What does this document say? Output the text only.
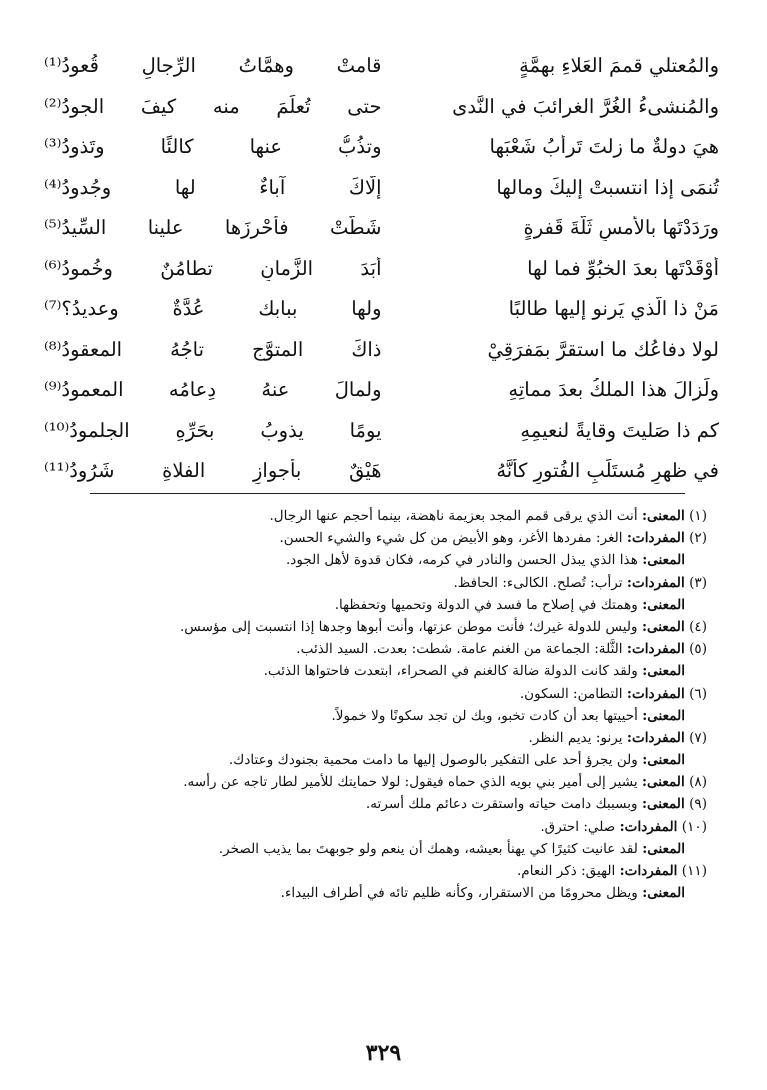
والمُعتلي قممَ العَلاءِ بهمَّةٍ
قامتْ وهمَّاتُ الرِّجالِ قُعودُ⁽¹⁾
والمُنشىءُ الغُرَّ الغرائبَ في النَّدى
حتى تُعلِّمَ منه كيفَ الجودُ⁽²⁾
هيَ دولةٌ ما زلتَ تَرأبُ شَعْبَها
وتذُبُّ عنها كالئًا وتَذودُ⁽³⁾
تُنمَى إذا انتسبتْ إليكَ ومالها
إلّاكَ آباءٌ لها وجُدودُ⁽⁴⁾
ورَدَدْتَها بالأمسِ ثَلَّةَ قَفرةٍ
شَطَّتْ فأحْرزَها علينا السِّيدُ⁽⁵⁾
أوْقَدْتَها بعدَ الخبُوِّ فما لها
أبَدَ الزَّمانِ تطامُنٌ وخُمودُ⁽⁶⁾
مَنْ ذا الّذي يَرنو إليها طالبًا
ولها ببابك عُدَّةٌ وعديدُ؟⁽⁷⁾
لولا دفاعُك ما استقرَّ بمَفرَقِيْ
ذاكَ المتوَّجِ تاجُهُ المعقودُ⁽⁸⁾
ولَزالَ هذا الملكُ بعدَ مماتِهِ
ولمالَ عنهُ دِعامُه المعمودُ⁽⁹⁾
كم ذا صَليتَ وقايةً لنعيمِهِ
يومًا يذوبُ بحَرِّهِ الجلمودُ⁽¹⁰⁾
في ظهرِ مُستَلَبِ الفُتورِ كأنَّهُ
هَيْقٌ بأجوازِ الفلاةِ شَرُودُ⁽¹¹⁾
(١) المعنى: أنت الذي يرقى قمم المجد بعزيمة ناهضة، بينما أحجم عنها الرجال.
(٢) المفردات: الغر: مفردها الأغر، وهو الأبيض من كل شيء والشيء الحسن.
المعنى: هذا الذي يبذل الحسن والنادر في كرمه، فكان قدوة لأهل الجود.
(٣) المفردات: ترأب: تُصلح. الكالىء: الحافظ.
المعنى: وهمتك في إصلاح ما فسد في الدولة وتحميها وتحفظها.
(٤) المعنى: وليس للدولة غيرك؛ فأنت موطن عزتها، وأنت أبوها وجدها إذا انتسبت إلى مؤسس.
(٥) المفردات: الثَّلة: الجماعة من الغنم عامة. شطت: بعدت. السيد الذئب.
المعنى: ولقد كانت الدولة ضالة كالغنم في الصحراء، ابتعدت فاحتواها الذئب.
(٦) المفردات: التطامن: السكون.
المعنى: أحييتها بعد أن كادت تخبو، وبك لن تجد سكونًا ولا خمولاً.
(٧) المفردات: يرنو: يديم النظر.
المعنى: ولن يجرؤ أحد على التفكير بالوصول إليها ما دامت محمية بجنودك وعتادك.
(٨) المعنى: يشير إلى أمير بني بويه الذي حماه فيقول: لولا حمايتك للأمير لطار تاجه عن رأسه.
(٩) المعنى: وبسببك دامت حياته واستقرت دعائم ملك أسرته.
(١٠) المفردات: صلي: احترق.
المعنى: لقد عانيت كثيرًا كي يهنأ بعيشه، وهمك أن ينعم ولو جوبهتَ بما يذيب الصخر.
(١١) المفردات: الهيق: ذكر النعام.
المعنى: ويظل محرومًا من الاستقرار، وكأنه ظليم تائه في أطراف البيداء.
٣٢٩
